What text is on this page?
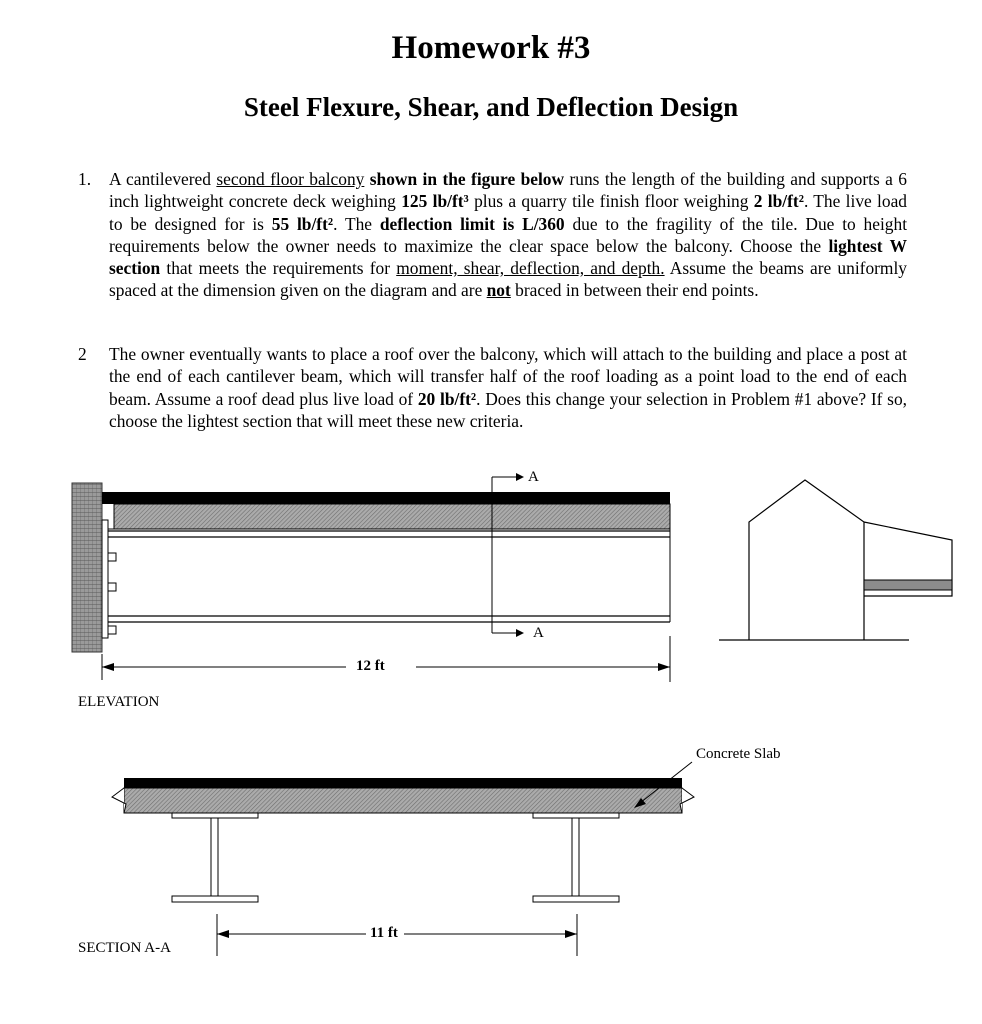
Homework #3
Steel Flexure, Shear, and Deflection Design
1. A cantilevered second floor balcony shown in the figure below runs the length of the building and supports a 6 inch lightweight concrete deck weighing 125 lb/ft³ plus a quarry tile finish floor weighing 2 lb/ft². The live load to be designed for is 55 lb/ft². The deflection limit is L/360 due to the fragility of the tile. Due to height requirements below the owner needs to maximize the clear space below the balcony. Choose the lightest W section that meets the requirements for moment, shear, deflection, and depth. Assume the beams are uniformly spaced at the dimension given on the diagram and are not braced in between their end points.
2 The owner eventually wants to place a roof over the balcony, which will attach to the building and place a post at the end of each cantilever beam, which will transfer half of the roof loading as a point load to the end of each beam. Assume a roof dead plus live load of 20 lb/ft². Does this change your selection in Problem #1 above? If so, choose the lightest section that will meet these new criteria.
A
A
12 ft
ELEVATION
Concrete Slab
11 ft
SECTION A-A
